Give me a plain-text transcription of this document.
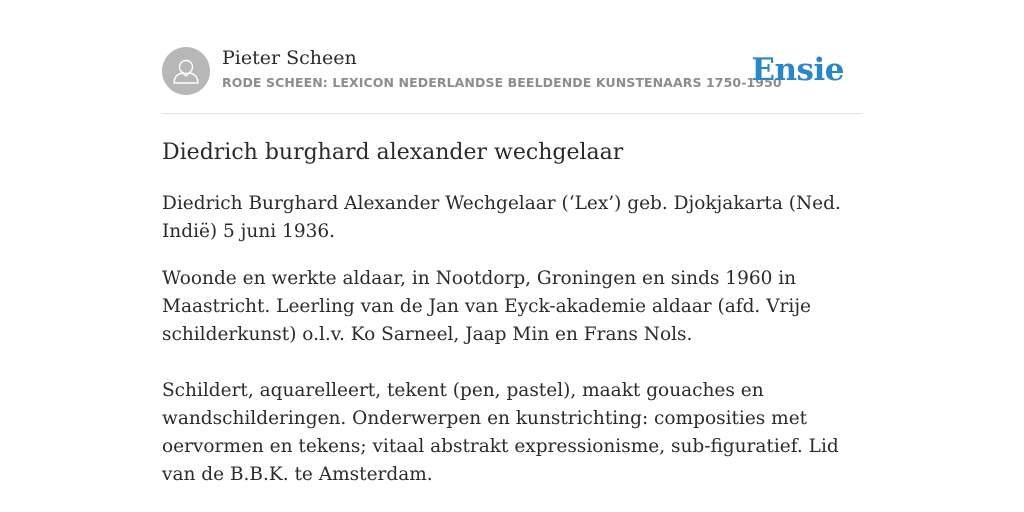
Pieter Scheen
RODE SCHEEN: LEXICON NEDERLANDSE BEELDENDE KUNSTENAARS 1750-1950
Ensie
Diedrich burghard alexander wechgelaar

Diedrich Burghard Alexander Wechgelaar (‘Lex’) geb. Djokjakarta (Ned. Indië) 5 juni 1936.

Woonde en werkte aldaar, in Nootdorp, Groningen en sinds 1960 in Maastricht. Leerling van de Jan van Eyck-akademie aldaar (afd. Vrije schilderkunst) o.l.v. Ko Sarneel, Jaap Min en Frans Nols.

Schildert, aquarelleert, tekent (pen, pastel), maakt gouaches en wandschilderingen. Onderwerpen en kunstrichting: composities met oervormen en tekens; vitaal abstrakt expressionisme, sub-figuratief. Lid van de B.B.K. te Amsterdam.
